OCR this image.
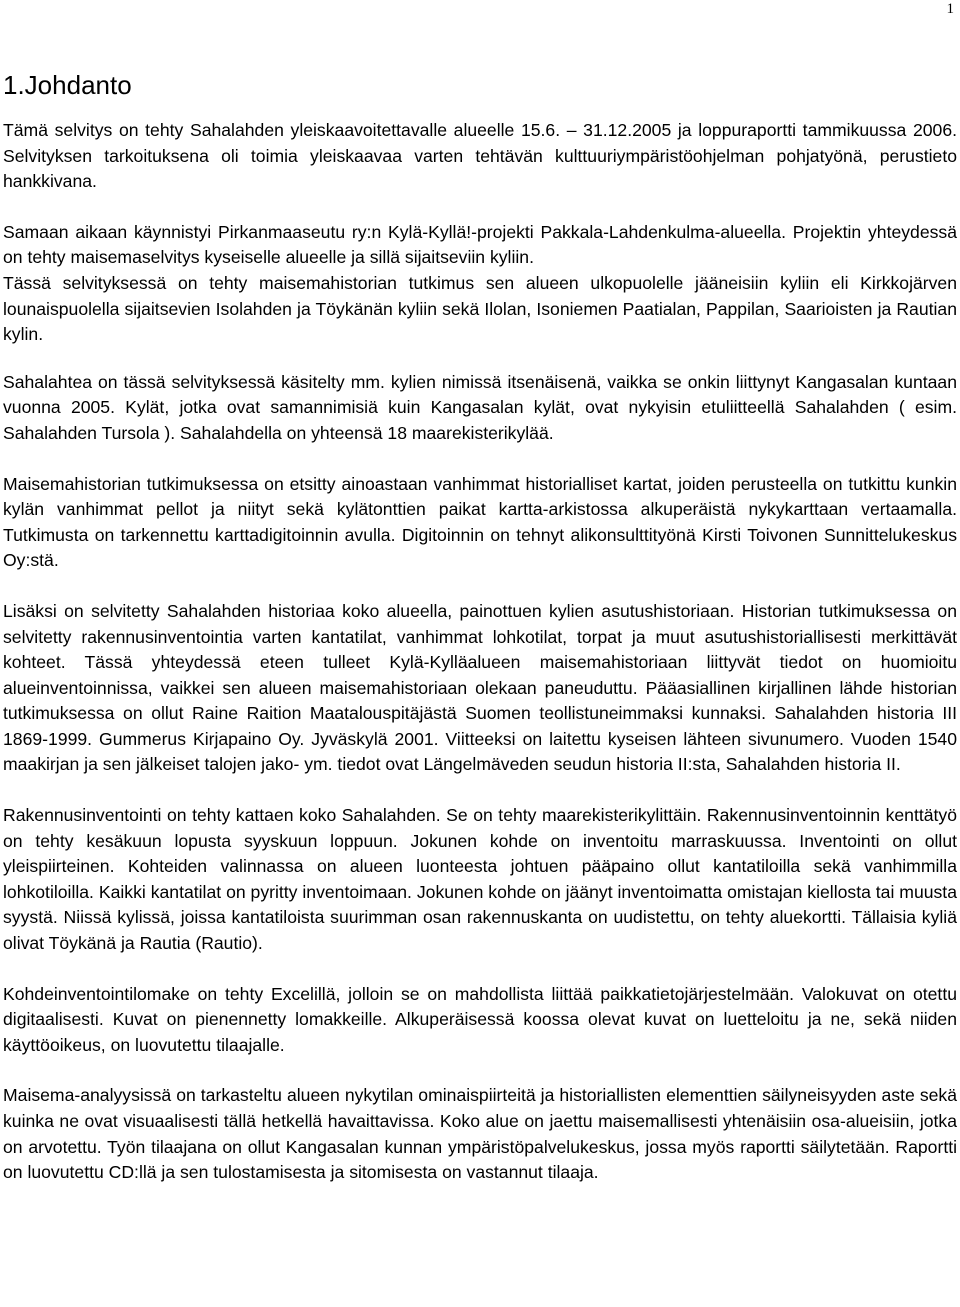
1
1.Johdanto

Tämä selvitys on tehty Sahalahden yleiskaavoitettavalle alueelle 15.6. – 31.12.2005 ja loppuraportti tammikuussa 2006. Selvityksen tarkoituksena oli toimia yleiskaavaa varten tehtävän kulttuuriympäristöohjelman pohjatyönä, perustieto hankkivana.

Samaan aikaan käynnistyi Pirkanmaaseutu ry:n Kylä-Kyllä!-projekti Pakkala-Lahdenkulma-alueella. Projektin yhteydessä on tehty maisemaselvitys kyseiselle alueelle ja sillä sijaitseviin kyliin.

Tässä selvityksessä on tehty maisemahistorian tutkimus sen alueen ulkopuolelle jääneisiin kyliin eli Kirkkojärven lounaispuolella sijaitsevien Isolahden ja Töykänän kyliin sekä Ilolan, Isoniemen Paatialan, Pappilan, Saarioisten ja Rautian kylin.

Sahalahtea on tässä selvityksessä käsitelty mm. kylien nimissä itsenäisenä, vaikka se onkin liittynyt Kangasalan kuntaan vuonna 2005. Kylät, jotka ovat samannimisiä kuin Kangasalan kylät, ovat nykyisin etuliitteellä Sahalahden ( esim. Sahalahden Tursola ). Sahalahdella on yhteensä 18 maarekisterikylää.

Maisemahistorian tutkimuksessa on etsitty ainoastaan vanhimmat historialliset kartat, joiden perusteella on tutkittu kunkin kylän vanhimmat pellot ja niityt sekä kylätonttien paikat kartta-arkistossa alkuperäistä nykykarttaan vertaamalla. Tutkimusta on tarkennettu karttadigitoinnin avulla. Digitoinnin on tehnyt alikonsulttityönä Kirsti Toivonen Sunnittelukeskus Oy:stä.

Lisäksi on selvitetty Sahalahden historiaa koko alueella, painottuen kylien asutushistoriaan. Historian tutkimuksessa on selvitetty rakennusinventointia varten kantatilat, vanhimmat lohkotilat, torpat ja muut asutushistoriallisesti merkittävät kohteet. Tässä yhteydessä eteen tulleet Kylä-Kylläalueen maisemahistoriaan liittyvät tiedot on huomioitu alueinventoinnissa, vaikkei sen alueen maisemahistoriaan olekaan paneuduttu. Pääasiallinen kirjallinen lähde historian tutkimuksessa on ollut Raine Raition Maatalouspitäjästä Suomen teollistuneimmaksi kunnaksi. Sahalahden historia III 1869-1999. Gummerus Kirjapaino Oy. Jyväskylä 2001. Viitteeksi on laitettu kyseisen lähteen sivunumero. Vuoden 1540 maakirjan ja sen jälkeiset talojen jako- ym. tiedot ovat Längelmäveden seudun historia II:sta, Sahalahden historia II.

Rakennusinventointi on tehty kattaen koko Sahalahden. Se on tehty maarekisterikylittäin. Rakennusinventoinnin kenttätyö on tehty kesäkuun lopusta syyskuun loppuun. Jokunen kohde on inventoitu marraskuussa. Inventointi on ollut yleispiirteinen. Kohteiden valinnassa on alueen luonteesta johtuen pääpaino ollut kantatiloilla sekä vanhimmilla lohkotiloilla. Kaikki kantatilat on pyritty inventoimaan. Jokunen kohde on jäänyt inventoimatta omistajan kiellosta tai muusta syystä. Niissä kylissä, joissa kantatiloista suurimman osan rakennuskanta on uudistettu, on tehty aluekortti. Tällaisia kyliä olivat Töykänä ja Rautia (Rautio).

Kohdeinventointilomake on tehty Excelillä, jolloin se on mahdollista liittää paikkatietojärjestelmään. Valokuvat on otettu digitaalisesti. Kuvat on pienennetty lomakkeille. Alkuperäisessä koossa olevat kuvat on luetteloitu ja ne, sekä niiden käyttöoikeus, on luovutettu tilaajalle.

Maisema-analyysissä on tarkasteltu alueen nykytilan ominaispiirteitä ja historiallisten elementtien säilyneisyyden aste sekä kuinka ne ovat visuaalisesti tällä hetkellä havaittavissa. Koko alue on jaettu maisemallisesti yhtenäisiin osa-alueisiin, jotka on arvotettu. Työn tilaajana on ollut Kangasalan kunnan ympäristöpalvelukeskus, jossa myös raportti säilytetään. Raportti on luovutettu CD:llä ja sen tulostamisesta ja sitomisesta on vastannut tilaaja.
